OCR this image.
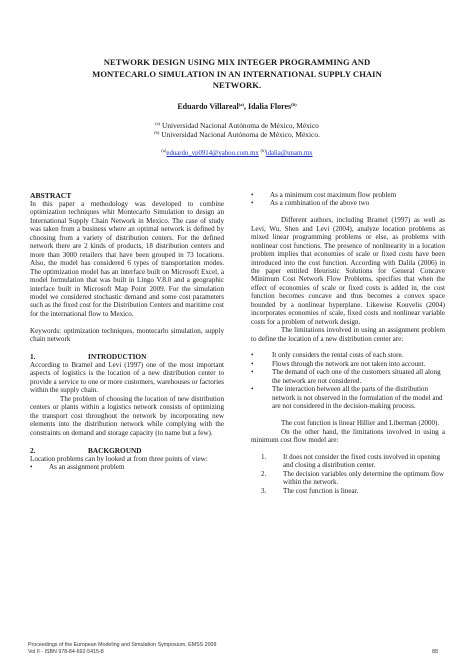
NETWORK DESIGN USING MIX INTEGER PROGRAMMING AND
MONTECARLO SIMULATION IN AN INTERNATIONAL SUPPLY CHAIN
NETWORK.
Eduardo Villareal$^{(a)}$, Idalia Flores$^{(b)}$
$^{(a)}$ Universidad Nacional Autónoma de México, México
$^{(b)}$ Universidad Nacional Autónoma de México, México.
$^{(a)}$eduardo_vp0914@yahoo.com.mx $^{(b)}$idalia@unam.mx

ABSTRACT

In this paper a methodology was developed to combine optimization techniques whit Montecarlo Simulation to design an International Supply Chain Network in Mexico. The case of study was taken from a business where an optimal network is defined by choosing from a variety of distribution centers. For the defined network there are 2 kinds of products, 18 distribution centers and more than 3000 retailers that have been grouped in 73 locations. Also, the model has considered 6 types of transportation modes. The optimization model has an interface built on Microsoft Excel, a model formulation that was built in Lingo V.8.0 and a geographic interface built in Microsoft Map Point 2009. For the simulation model we considered stochastic demand and some cost parameters such as the fixed cost for the Distribution Centers and maritime cost for the international flow to Mexico.

Keywords: optimization techniques, montecarlo simulation, supply chain network

1.	INTRODUCTION

According to Bramel and Levi (1997) one of the most important aspects of logistics is the location of a new distribution center to provide a service to one or more customers, warehouses or factories within the supply chain.

The problem of choosing the location of new distribution centers or plants within a logistics network consists of optimizing the transport cost throughout the network by incorporating new elements into the distribution network while complying with the constraints on demand and storage capacity (to name but a few).

2.	BACKGROUND

Location problems can by looked at from three points of view:

•	As an assignment problem
•	As a minimum cost maximum flow problem
•	As a combination of the above two

Different authors, including Bramel (1997) as well as Levi, Wu, Shen and Levi (2004), analyze location problems as mixed linear programming problems or else, as problems with nonlinear cost functions. The presence of nonlinearity in a location problem implies that economies of scale or fixed costs have been introduced into the cost function. According with Dalila (2006) in the paper entitled Heuristic Solutions for General Concave Minimum Cost Network Flow Problems, specifies that when the effect of economies of scale or fixed costs is added in, the cost function becomes concave and thus becomes a convex space bounded by a nonlinear hyperplane. Likewise Kouvelis (2004) incorporates economies of scale, fixed costs and nonlinear variable costs for a problem of network design.

The limitations involved in using an assignment problem to define the location of a new distribution center are:

•	It only considers the rental costs of each store.
•	Flows through the network are not taken into account.
•	The demand of each one of the customers situated all along the network are not considered.
•	The interaction between all the parts of the distribution network is not observed in the formulation of the model and are not considered in the decision-making process.

The cost function is linear Hillier and Liberman (2000).

On the other hand, the limitations involved in using a minimum cost flow model are:

1.	It does not consider the fixed costs involved in opening and closing a distribution center.
2.	The decision variables only determine the optimum flow within the network.
3.	The cost function is linear.
Proceedings of the European Modeling and Simulation Symposium, EMSS 2009
Vol II - ISBN 978-84-692-5415-8	88
